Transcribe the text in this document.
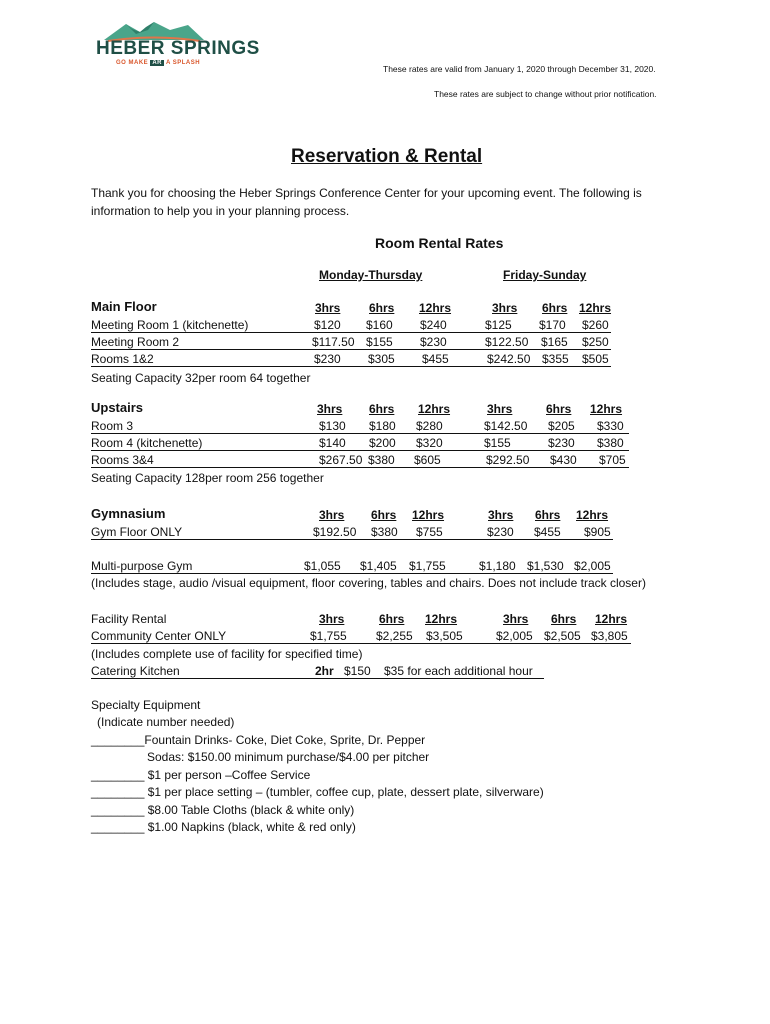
HEBER SPRINGS
GO MAKE AR A SPLASH
These rates are valid from January 1, 2020 through December 31, 2020.
These rates are subject to change without prior notification.
Reservation & Rental
Thank you for choosing the Heber Springs Conference Center for your upcoming event. The following is
information to help you in your planning process.
Room Rental Rates
Monday-Thursday	Friday-Sunday
Main Floor	3hrs 6hrs 12hrs	3hrs 6hrs 12hrs
Meeting Room 1 (kitchenette)	$120 $160 $240	$125 $170 $260
Meeting Room 2	$117.50 $155 $230	$122.50 $165 $250
Rooms 1&2	$230 $305 $455	$242.50 $355 $505
Seating Capacity 32per room 64 together
Upstairs	3hrs 6hrs 12hrs	3hrs	6hrs 12hrs
Room 3	$130 $180 $280	$142.50 $205 $330
Room 4 (kitchenette)	$140 $200 $320	$155	$230 $380
Rooms 3&4	$267.50 $380 $605	$292.50 $430 $705
Seating Capacity 128per room 256 together
Gymnasium	3hrs 6hrs 12hrs	3hrs 6hrs 12hrs
Gym Floor ONLY	$192.50 $380 $755	$230 $455 $905
Multi-purpose Gym	$1,055 $1,405 $1,755	$1,180 $1,530 $2,005
(Includes stage, audio /visual equipment, floor covering, tables and chairs. Does not include track closer)
Facility Rental	3hrs	6hrs 12hrs	3hrs 6hrs 12hrs
Community Center ONLY	$1,755 $2,255 $3,505	$2,005 $2,505 $3,805
(Includes complete use of facility for specified time)
Catering Kitchen	2hr $150 $35 for each additional hour
Specialty Equipment
(Indicate number needed)
________Fountain Drinks- Coke, Diet Coke, Sprite, Dr. Pepper
Sodas: $150.00 minimum purchase/$4.00 per pitcher
________ $1 per person –Coffee Service
________ $1 per place setting – (tumbler, coffee cup, plate, dessert plate, silverware)
________ $8.00 Table Cloths (black & white only)
________ $1.00 Napkins (black, white & red only)
